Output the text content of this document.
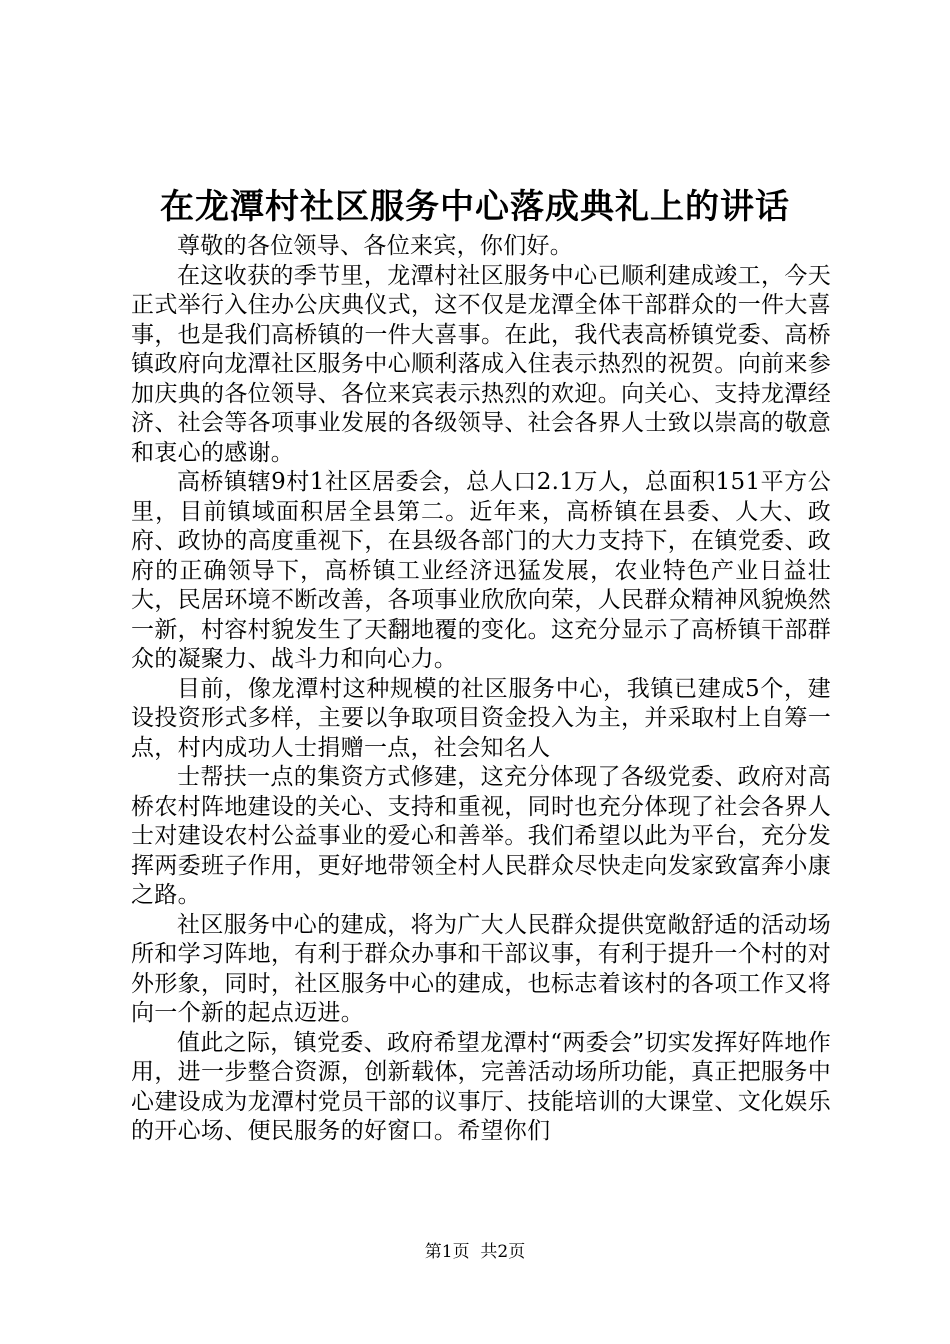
在龙潭村社区服务中心落成典礼上的讲话

尊敬的各位领导、各位来宾，你们好。

在这收获的季节里，龙潭村社区服务中心已顺利建成竣工，今天正式举行入住办公庆典仪式，这不仅是龙潭全体干部群众的一件大喜事，也是我们高桥镇的一件大喜事。在此，我代表高桥镇党委、高桥镇政府向龙潭社区服务中心顺利落成入住表示热烈的祝贺。向前来参加庆典的各位领导、各位来宾表示热烈的欢迎。向关心、支持龙潭经济、社会等各项事业发展的各级领导、社会各界人士致以崇高的敬意和衷心的感谢。

高桥镇辖9村1社区居委会，总人口2.1万人，总面积151平方公里，目前镇域面积居全县第二。近年来，高桥镇在县委、人大、政府、政协的高度重视下，在县级各部门的大力支持下，在镇党委、政府的正确领导下，高桥镇工业经济迅猛发展，农业特色产业日益壮大，民居环境不断改善，各项事业欣欣向荣，人民群众精神风貌焕然一新，村容村貌发生了天翻地覆的变化。这充分显示了高桥镇干部群众的凝聚力、战斗力和向心力。

目前，像龙潭村这种规模的社区服务中心，我镇已建成5个，建设投资形式多样，主要以争取项目资金投入为主，并采取村上自筹一点，村内成功人士捐赠一点，社会知名人

士帮扶一点的集资方式修建，这充分体现了各级党委、政府对高桥农村阵地建设的关心、支持和重视，同时也充分体现了社会各界人士对建设农村公益事业的爱心和善举。我们希望以此为平台，充分发挥两委班子作用，更好地带领全村人民群众尽快走向发家致富奔小康之路。

社区服务中心的建成，将为广大人民群众提供宽敞舒适的活动场所和学习阵地，有利于群众办事和干部议事，有利于提升一个村的对外形象，同时，社区服务中心的建成，也标志着该村的各项工作又将向一个新的起点迈进。

值此之际，镇党委、政府希望龙潭村“两委会”切实发挥好阵地作用，进一步整合资源，创新载体，完善活动场所功能，真正把服务中心建设成为龙潭村党员干部的议事厅、技能培训的大课堂、文化娱乐的开心场、便民服务的好窗口。希望你们

第1页  共2页
